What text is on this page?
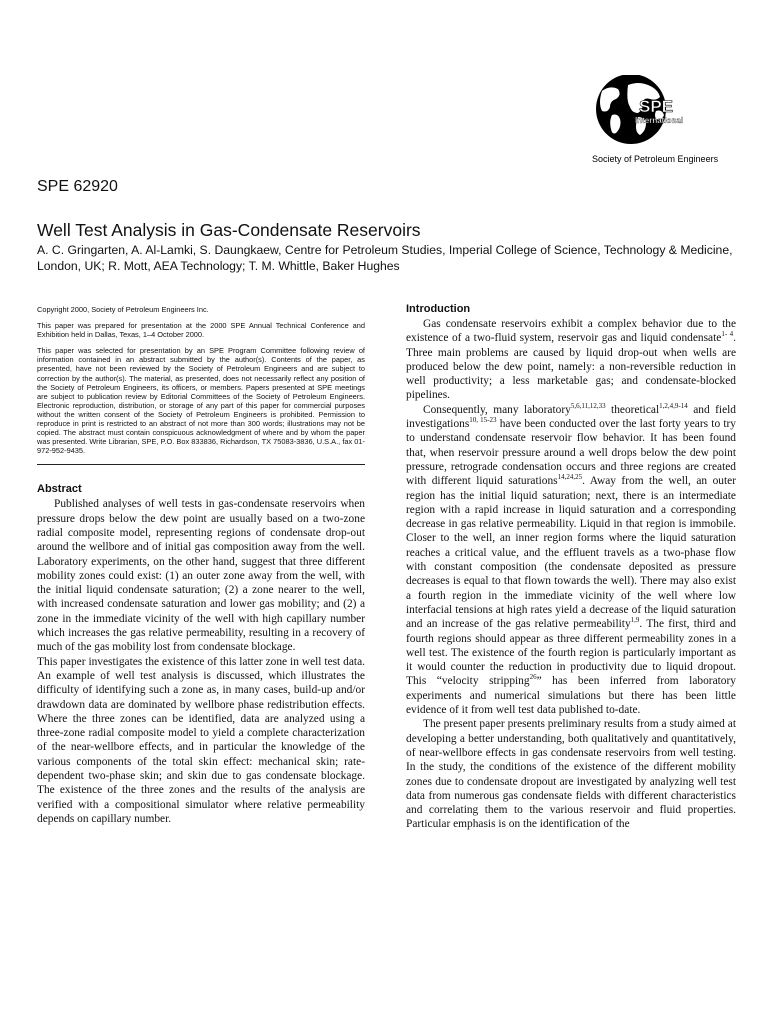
SPE
International
Society of Petroleum Engineers
SPE 62920
Well Test Analysis in Gas-Condensate Reservoirs
A. C. Gringarten, A. Al-Lamki, S. Daungkaew, Centre for Petroleum Studies, Imperial College of Science, Technology & Medicine, London, UK; R. Mott, AEA Technology; T. M. Whittle, Baker Hughes

Copyright 2000, Society of Petroleum Engineers Inc.

This paper was prepared for presentation at the 2000 SPE Annual Technical Conference and Exhibition held in Dallas, Texas, 1–4 October 2000.

This paper was selected for presentation by an SPE Program Committee following review of information contained in an abstract submitted by the author(s). Contents of the paper, as presented, have not been reviewed by the Society of Petroleum Engineers and are subject to correction by the author(s). The material, as presented, does not necessarily reflect any position of the Society of Petroleum Engineers, its officers, or members. Papers presented at SPE meetings are subject to publication review by Editorial Committees of the Society of Petroleum Engineers. Electronic reproduction, distribution, or storage of any part of this paper for commercial purposes without the written consent of the Society of Petroleum Engineers is prohibited. Permission to reproduce in print is restricted to an abstract of not more than 300 words; illustrations may not be copied. The abstract must contain conspicuous acknowledgment of where and by whom the paper was presented. Write Librarian, SPE, P.O. Box 833836, Richardson, TX 75083-3836, U.S.A., fax 01-972-952-9435.

Abstract

Published analyses of well tests in gas-condensate reservoirs when pressure drops below the dew point are usually based on a two-zone radial composite model, representing regions of condensate drop-out around the wellbore and of initial gas composition away from the well. Laboratory experiments, on the other hand, suggest that three different mobility zones could exist: (1) an outer zone away from the well, with the initial liquid condensate saturation; (2) a zone nearer to the well, with increased condensate saturation and lower gas mobility; and (2) a zone in the immediate vicinity of the well with high capillary number which increases the gas relative permeability, resulting in a recovery of much of the gas mobility lost from condensate blockage.

This paper investigates the existence of this latter zone in well test data. An example of well test analysis is discussed, which illustrates the difficulty of identifying such a zone as, in many cases, build-up and/or drawdown data are dominated by wellbore phase redistribution effects. Where the three zones can be identified, data are analyzed using a three-zone radial composite model to yield a complete characterization of the near-wellbore effects, and in particular the knowledge of the various components of the total skin effect: mechanical skin; rate-dependent two-phase skin; and skin due to gas condensate blockage. The existence of the three zones and the results of the analysis are verified with a compositional simulator where relative permeability depends on capillary number.

Introduction

Gas condensate reservoirs exhibit a complex behavior due to the existence of a two-fluid system, reservoir gas and liquid condensate$^{1- 4}$. Three main problems are caused by liquid drop-out when wells are produced below the dew point, namely: a non-reversible reduction in well productivity; a less marketable gas; and condensate-blocked pipelines.

Consequently, many laboratory$^{5,6,11,12,33}$ theoretical$^{1,2,4,9-14}$ and field investigations$^{10, 15-23}$ have been conducted over the last forty years to try to understand condensate reservoir flow behavior. It has been found that, when reservoir pressure around a well drops below the dew point pressure, retrograde condensation occurs and three regions are created with different liquid saturations$^{14,24,25}$. Away from the well, an outer region has the initial liquid saturation; next, there is an intermediate region with a rapid increase in liquid saturation and a corresponding decrease in gas relative permeability. Liquid in that region is immobile. Closer to the well, an inner region forms where the liquid saturation reaches a critical value, and the effluent travels as a two-phase flow with constant composition (the condensate deposited as pressure decreases is equal to that flown towards the well). There may also exist a fourth region in the immediate vicinity of the well where low interfacial tensions at high rates yield a decrease of the liquid saturation and an increase of the gas relative permeability$^{1,9}$. The first, third and fourth regions should appear as three different permeability zones in a well test. The existence of the fourth region is particularly important as it would counter the reduction in productivity due to liquid dropout. This “velocity stripping$^{26}$” has been inferred from laboratory experiments and numerical simulations but there has been little evidence of it from well test data published to-date.

The present paper presents preliminary results from a study aimed at developing a better understanding, both qualitatively and quantitatively, of near-wellbore effects in gas condensate reservoirs from well testing. In the study, the conditions of the existence of the different mobility zones due to condensate dropout are investigated by analyzing well test data from numerous gas condensate fields with different characteristics and correlating them to the various reservoir and fluid properties. Particular emphasis is on the identification of the
